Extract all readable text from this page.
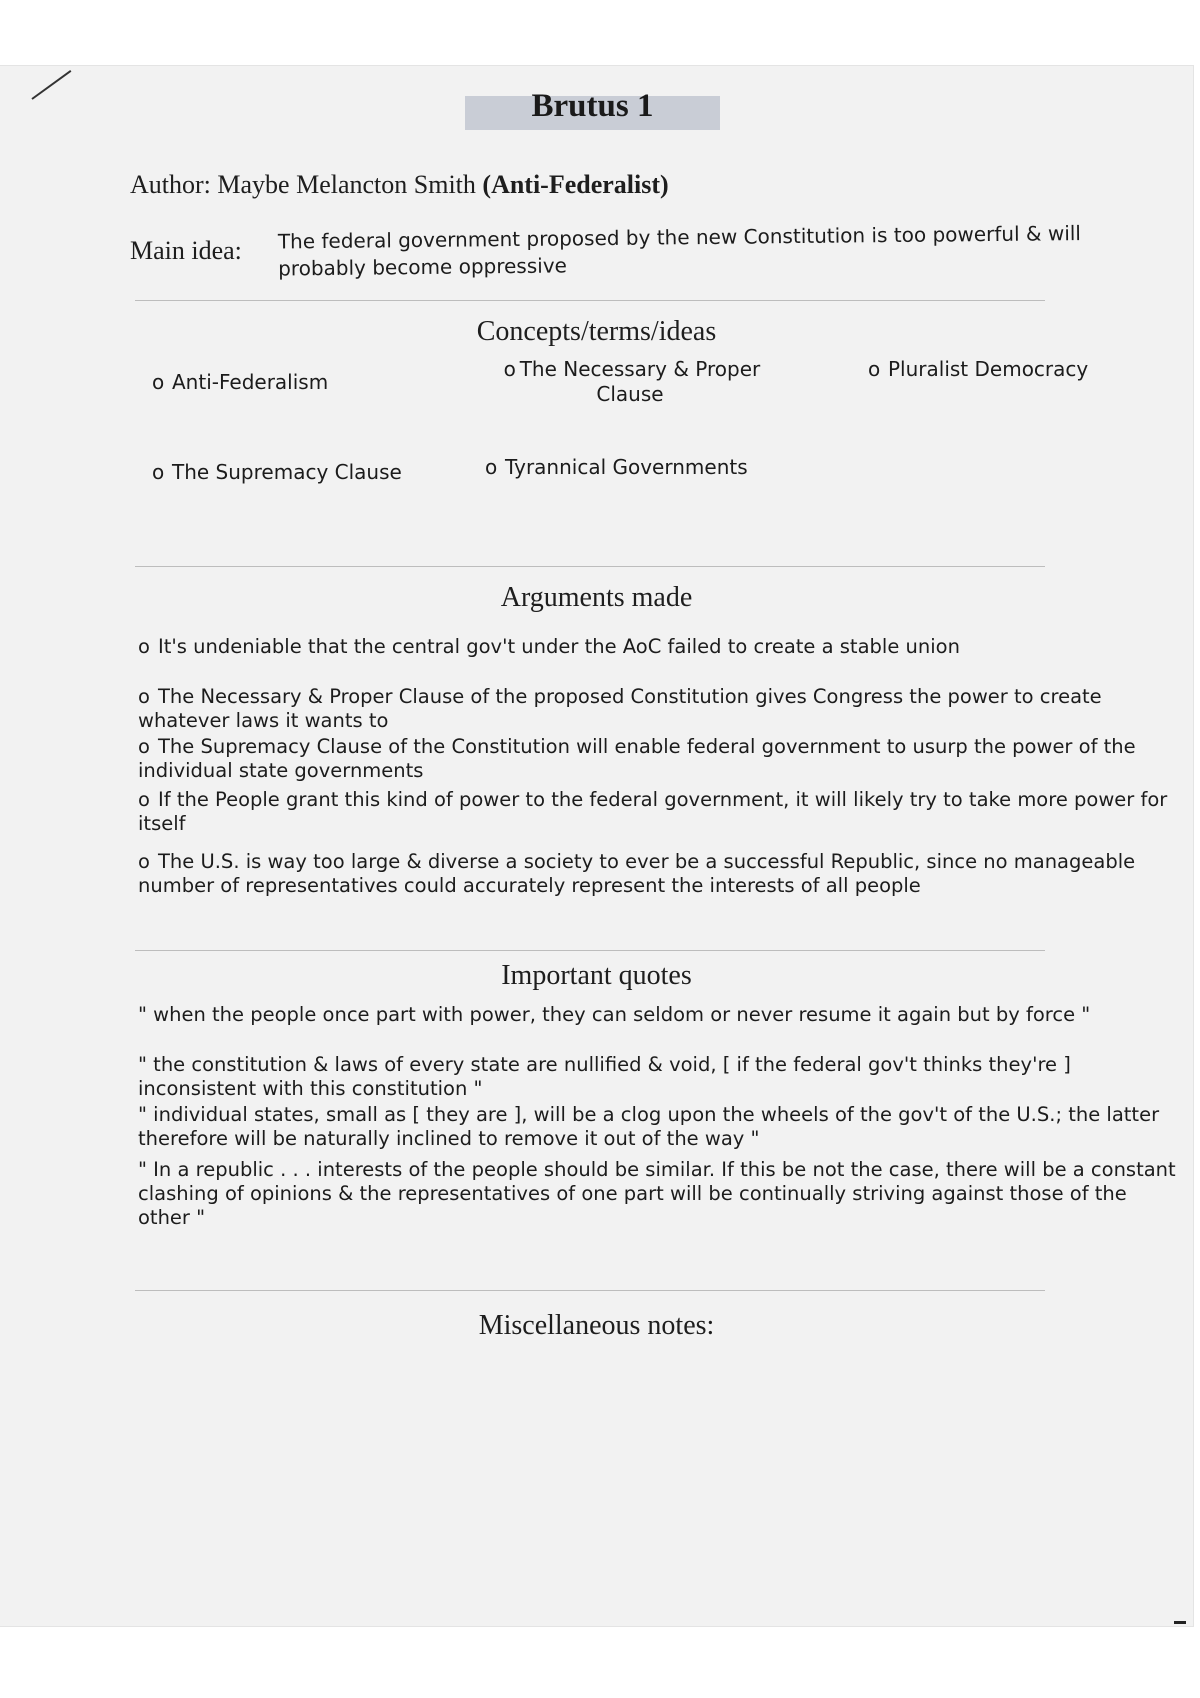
Brutus 1
Author: Maybe Melancton Smith (Anti-Federalist)
Main idea: The federal government proposed by the new Constitution is too powerful & will probably become oppressive
Concepts/terms/ideas
o Anti-Federalism
o The Necessary & Proper Clause
o Pluralist Democracy
o The Supremacy Clause	o Tyrannical Governments
Arguments made
o It's undeniable that the central gov't under the AoC failed to create a stable union
o The Necessary & Proper Clause of the proposed Constitution gives Congress the power to create whatever laws it wants to
o The Supremacy Clause of the Constitution will enable federal government to usurp the power of the individual state governments
o If the People grant this kind of power to the federal government, it will likely try to take more power for itself
o The U.S. is way too large & diverse a society to ever be a successful Republic, since no manageable number of representatives could accurately represent the interests of all people
Important quotes
" when the people once part with power, they can seldom or never resume it again but by force "
" the constitution & laws of every state are nullified & void, [ if the federal gov't thinks they're ] inconsistent with this constitution "
" individual states, small as [ they are ], will be a clog upon the wheels of the gov't of the U.S.; the latter therefore will be naturally inclined to remove it out of the way "
" In a republic . . . interests of the people should be similar. If this be not the case, there will be a constant clashing of opinions & the representatives of one part will be continually striving against those of the other "
Miscellaneous notes:
